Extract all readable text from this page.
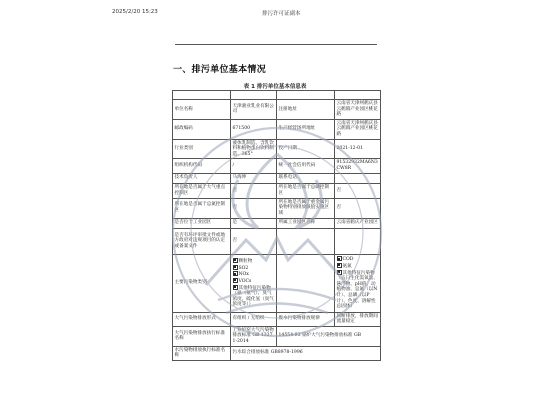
2025/2/20 15:23	排污许可证副本
一、排污单位基本情况
表 1 排污单位基本信息表

单位名称	天津骏业乳业有限公司	注册地址	云南省天津州鹤庆县云鹤镇产业园区桃花路
邮政编码	671500	生产经营场所地址	云南省天津州鹤庆县云鹤镇产业园区桃花路
行业类别	液体乳制造、含乳饮料和植物蛋白饮料制造、365°	投产日期	2021-12-01
组织机构代码	/	统一社会信用代码	91532932MA6N3CW8R
技术负责人	马海坤	联系电话	
所在地是否属于大气重点控制区	否	所在地是否属于总磷控制区	否
所在地是否属于总氮控制区	否	所在地是否属于重金属污染物特别排放限值实施区域	否
是否位于工业园区	是	所属工业园区名称	云南省鹤庆产业园区
是否有环评审批文件或地方政府对违规项目的认定或备案文件	否		
主要污染物类别	颗粒物
SO2
NOx
VOCs
其他特征污染物（氨（氨气）、臭气浓度、硫化氢（臭气浓度等））		COD
氨氮
其他特征污染物（五日生化需氧量、悬浮物、pH值、动植物油、总氮（以N计）、总磷（以P计）、色度、溶解性总固体）

大气污染物排放形式	有组织 / 无组织	废水污染物排放规律	间断排放，排放期间流量稳定
大气污染物排放执行标准名称	工业炉窑大气污染物排放标准 GB 13271-2014	14554-93 锅炉大气污染物排放标准 GB	
水污染物排放执行标准名称	污水综合排放标准 GB8978-1996		
